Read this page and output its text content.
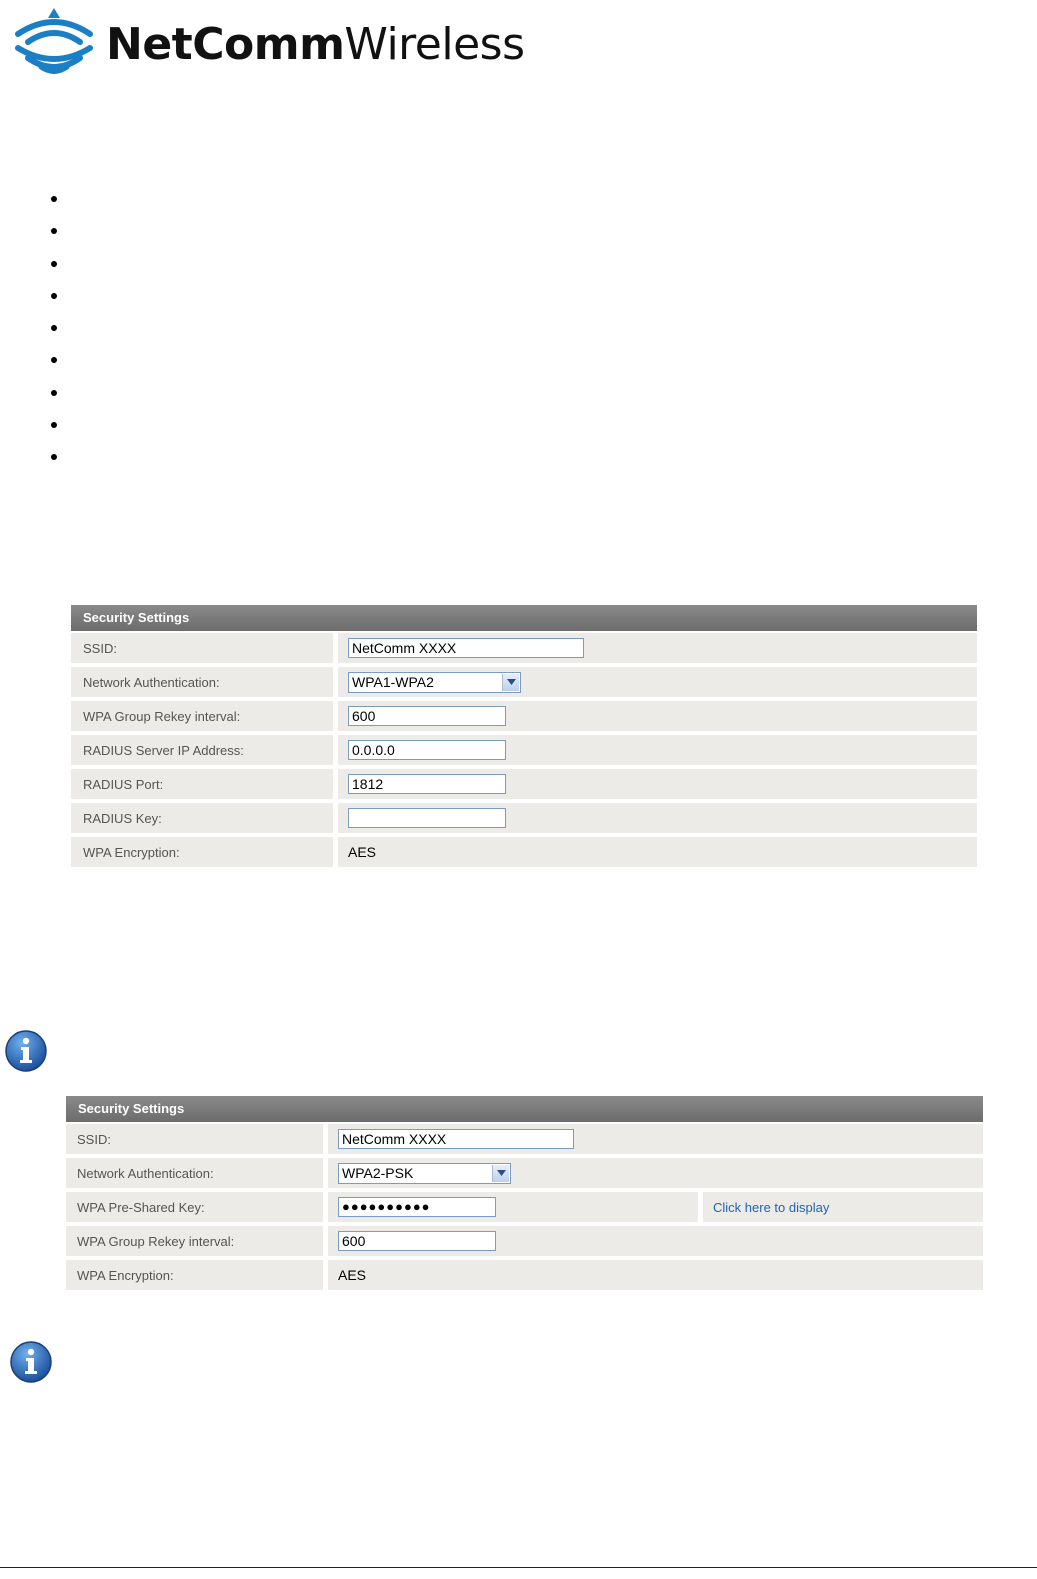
NetCommWireless
Security Settings
SSID:	NetComm XXXX
Network Authentication:	WPA1-WPA2
WPA Group Rekey interval:	600
RADIUS Server IP Address:	0.0.0.0
RADIUS Port:	1812
RADIUS Key:
WPA Encryption:	AES
Security Settings
SSID:	NetComm XXXX
Network Authentication:	WPA2-PSK
WPA Pre-Shared Key:	●●●●●●●●●●	Click here to display
WPA Group Rekey interval:	600
WPA Encryption:	AES
